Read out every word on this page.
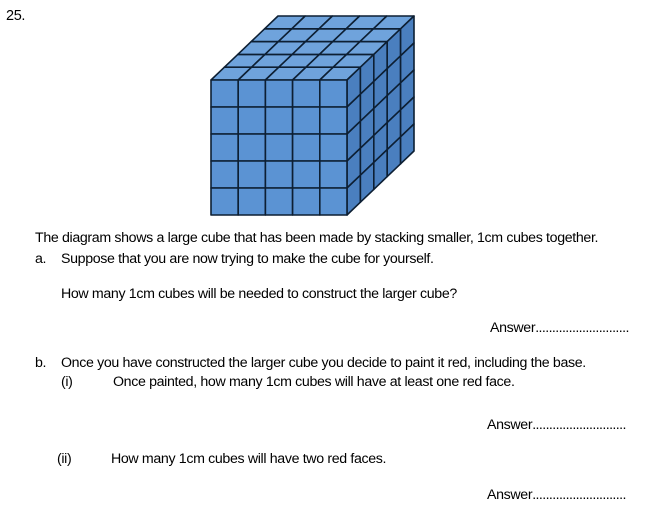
25.
The diagram shows a large cube that has been made by stacking smaller, 1cm cubes together.
a. Suppose that you are now trying to make the cube for yourself.
How many 1cm cubes will be needed to construct the larger cube?
Answer............................
b. Once you have constructed the larger cube you decide to paint it red, including the base.
(i)	Once painted, how many 1cm cubes will have at least one red face.
Answer............................
(ii)	How many 1cm cubes will have two red faces.
Answer............................
